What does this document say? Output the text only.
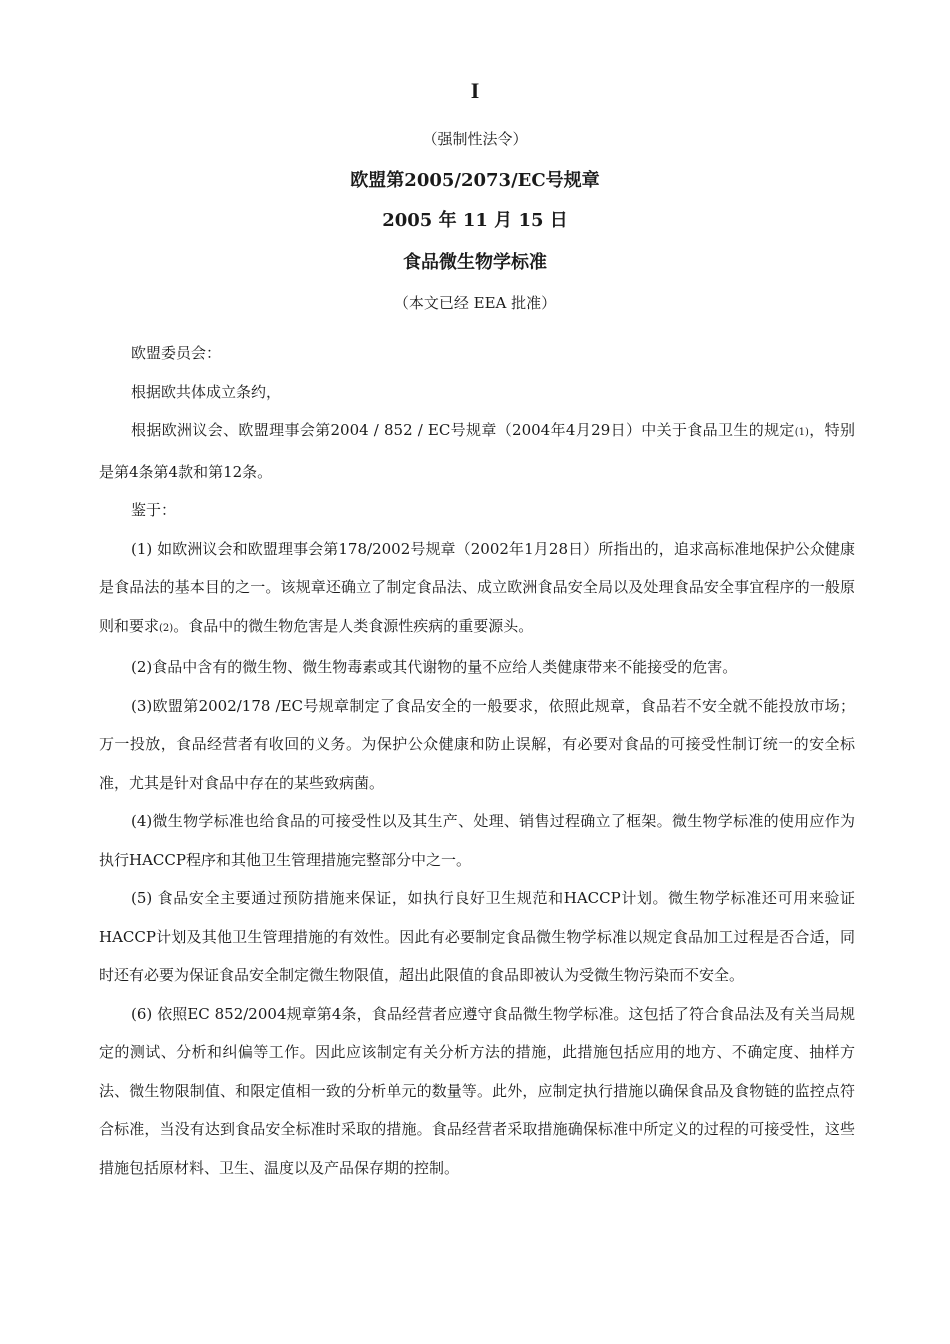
I
（强制性法令）
欧盟第2005/2073/EC号规章
2005 年 11 月 15 日
食品微生物学标准
（本文已经 EEA 批准）

欧盟委员会：

根据欧共体成立条约，

根据欧洲议会、欧盟理事会第2004 / 852 / EC号规章（2004年4月29日）中关于食品卫生的规定(1)，特别是第4条第4款和第12条。

鉴于：

(1) 如欧洲议会和欧盟理事会第178/2002号规章（2002年1月28日）所指出的，追求高标准地保护公众健康是食品法的基本目的之一。该规章还确立了制定食品法、成立欧洲食品安全局以及处理食品安全事宜程序的一般原则和要求(2)。食品中的微生物危害是人类食源性疾病的重要源头。

(2)食品中含有的微生物、微生物毒素或其代谢物的量不应给人类健康带来不能接受的危害。

(3)欧盟第2002/178 /EC号规章制定了食品安全的一般要求，依照此规章，食品若不安全就不能投放市场；万一投放，食品经营者有收回的义务。为保护公众健康和防止误解，有必要对食品的可接受性制订统一的安全标准，尤其是针对食品中存在的某些致病菌。

(4)微生物学标准也给食品的可接受性以及其生产、处理、销售过程确立了框架。微生物学标准的使用应作为执行HACCP程序和其他卫生管理措施完整部分中之一。

(5) 食品安全主要通过预防措施来保证，如执行良好卫生规范和HACCP计划。微生物学标准还可用来验证HACCP计划及其他卫生管理措施的有效性。因此有必要制定食品微生物学标准以规定食品加工过程是否合适，同时还有必要为保证食品安全制定微生物限值，超出此限值的食品即被认为受微生物污染而不安全。

(6) 依照EC 852/2004规章第4条，食品经营者应遵守食品微生物学标准。这包括了符合食品法及有关当局规定的测试、分析和纠偏等工作。因此应该制定有关分析方法的措施，此措施包括应用的地方、不确定度、抽样方法、微生物限制值、和限定值相一致的分析单元的数量等。此外，应制定执行措施以确保食品及食物链的监控点符合标准，当没有达到食品安全标准时采取的措施。食品经营者采取措施确保标准中所定义的过程的可接受性，这些措施包括原材料、卫生、温度以及产品保存期的控制。
